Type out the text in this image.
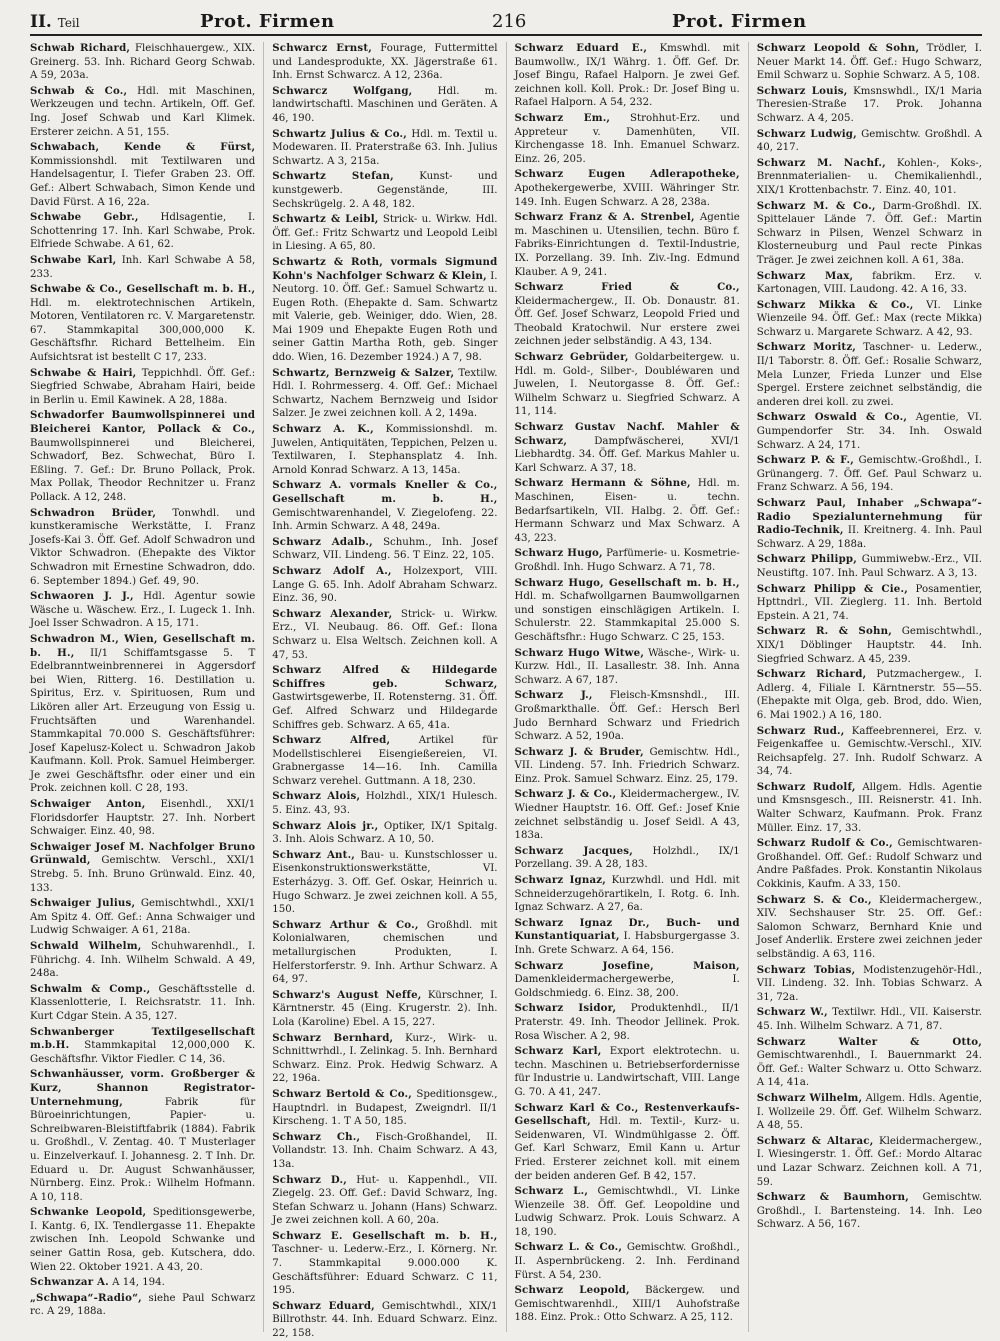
II. Teil	Prot. Firmen	216	Prot. Firmen
Schwab Richard, Fleischhauergew., XIX. Greinerg. 53. Inh. Richard Georg Schwab. A 59, 203a.
Schwab & Co., Hdl. mit Maschinen, Werkzeugen und techn. Artikeln, Off. Gef. Ing. Josef Schwab und Karl Klimek. Ersterer zeichn. A 51, 155.
Schwabach, Kende & Fürst, Kommissionshdl. mit Textilwaren und Handelsagentur, I. Tiefer Graben 23. Off. Gef.: Albert Schwabach, Simon Kende und David Fürst. A 16, 22a.
Schwabe Gebr., Hdlsagentie, I. Schottenring 17. Inh. Karl Schwabe, Prok. Elfriede Schwabe. A 61, 62.
Schwabe Karl, Inh. Karl Schwabe A 58, 233.
Schwabe & Co., Gesellschaft m. b. H., Hdl. m. elektrotechnischen Artikeln, Motoren, Ventilatoren rc. V. Margaretenstr. 67. Stammkapital 300,000,000 K. Geschäftsfhr. Richard Bettelheim. Ein Aufsichtsrat ist bestellt C 17, 233.
Schwabe & Hairi, Teppichhdl. Öff. Gef.: Siegfried Schwabe, Abraham Hairi, beide in Berlin u. Emil Kawinek. A 28, 188a.
Schwadorfer Baumwollspinnerei und Bleicherei Kantor, Pollack & Co., Baumwollspinnerei und Bleicherei, Schwadorf, Bez. Schwechat, Büro I. Eßling. 7. Gef.: Dr. Bruno Pollack, Prok. Max Pollak, Theodor Rechnitzer u. Franz Pollack. A 12, 248.
Schwadron Brüder, Tonwhdl. und kunstkeramische Werkstätte, I. Franz Josefs-Kai 3. Öff. Gef. Adolf Schwadron und Viktor Schwadron. (Ehepakte des Viktor Schwadron mit Ernestine Schwadron, ddo. 6. September 1894.) Gef. 49, 90.
Schwaoren J. J., Hdl. Agentur sowie Wäsche u. Wäschew. Erz., I. Lugeck 1. Inh. Joel Isser Schwadron. A 15, 171.
Schwadron M., Wien, Gesellschaft m. b. H., II/1 Schiffamtsgasse 5. T Edelbranntweinbrennerei in Aggersdorf bei Wien, Ritterg. 16. Destillation u. Spiritus, Erz. v. Spirituosen, Rum und Likören aller Art. Erzeugung von Essig u. Fruchtsäften und Warenhandel. Stammkapital 70.000 S. Geschäftsführer: Josef Kapelusz-Kolect u. Schwadron Jakob Kaufmann. Koll. Prok. Samuel Heimberger. Je zwei Geschäftsfhr. oder einer und ein Prok. zeichnen koll. C 28, 193.
Schwaiger Anton, Eisenhdl., XXI/1 Floridsdorfer Hauptstr. 27. Inh. Norbert Schwaiger. Einz. 40, 98.
Schwaiger Josef M. Nachfolger Bruno Grünwald, Gemischtw. Verschl., XXI/1 Strebg. 5. Inh. Bruno Grünwald. Einz. 40, 133.
Schwaiger Julius, Gemischtwhdl., XXI/1 Am Spitz 4. Off. Gef.: Anna Schwaiger und Ludwig Schwaiger. A 61, 218a.
Schwald Wilhelm, Schuhwarenhdl., I. Führichg. 4. Inh. Wilhelm Schwald. A 49, 248a.
Schwalm & Comp., Geschäftsstelle d. Klassenlotterie, I. Reichsratstr. 11. Inh. Kurt Cdgar Stein. A 35, 127.
Schwanberger Textilgesellschaft m.b.H. Stammkapital 12,000,000 K. Geschäftsfhr. Viktor Fiedler. C 14, 36.
Schwanhäusser, vorm. Großberger & Kurz, Shannon Registrator-Unternehmung,	Fabrik für Büroeinrichtungen, Papier- u. Schreibwaren-Bleistiftfabrik (1884). Fabrik u. Großhdl., V. Zentag. 40. T Musterlager u. Einzelverkauf. I. Johannesg. 2. T Inh. Dr. Eduard u. Dr. August Schwanhäusser, Nürnberg. Einz. Prok.: Wilhelm Hofmann. A 10, 118.
Schwanke Leopold, Speditionsgewerbe, I. Kantg. 6, IX. Tendlergasse 11. Ehepakte zwischen Inh. Leopold Schwanke und seiner Gattin Rosa, geb. Kutschera, ddo. Wien 22. Oktober 1921. A 43, 20.
Schwanzar A. A 14, 194.
„Schwapa“-Radio“, siehe Paul Schwarz rc. A 29, 188a.
Schwarcz Ernst, Fourage, Futtermittel und Landesprodukte, XX. Jägerstraße 61. Inh. Ernst Schwarcz. A 12, 236a.
Schwarcz Wolfgang, Hdl. m. landwirtschaftl. Maschinen und Geräten. A 46, 190.
Schwartz Julius & Co., Hdl. m. Textil u. Modewaren. II. Praterstraße 63. Inh. Julius Schwartz. A 3, 215a.
Schwartz Stefan, Kunst- und kunstgewerb. Gegenstände, III. Sechskrügelg. 2. A 48, 182.
Schwartz & Leibl, Strick- u. Wirkw. Hdl. Öff. Gef.: Fritz Schwartz und Leopold Leibl in Liesing. A 65, 80.
Schwartz & Roth, vormals Sigmund Kohn's Nachfolger Schwarz & Klein, I. Neutorg. 10. Öff. Gef.: Samuel Schwartz u. Eugen Roth. (Ehepakte d. Sam. Schwartz mit Valerie, geb. Weiniger, ddo. Wien, 28. Mai 1909 und Ehepakte Eugen Roth und seiner Gattin Martha Roth, geb. Singer ddo. Wien, 16. Dezember 1924.) A 7, 98.
Schwartz, Bernzweig & Salzer, Textilw. Hdl. I. Rohrmesserg. 4. Off. Gef.: Michael Schwartz, Nachem Bernzweig und Isidor Salzer. Je zwei zeichnen koll. A 2, 149a.
Schwarz A. K., Kommissionshdl. m. Juwelen, Antiquitäten, Teppichen, Pelzen u. Textilwaren, I. Stephansplatz 4. Inh. Arnold Konrad Schwarz. A 13, 145a.
Schwarz A. vormals Kneller & Co., Gesellschaft m. b. H., Gemischtwarenhandel, V. Ziegelofeng. 22. Inh. Armin Schwarz. A 48, 249a.
Schwarz Adalb., Schuhm., Inh. Josef Schwarz, VII. Lindeng. 56. T Einz. 22, 105.
Schwarz Adolf A., Holzexport, VIII. Lange G. 65. Inh. Adolf Abraham Schwarz. Einz. 36, 90.
Schwarz Alexander, Strick- u. Wirkw. Erz., VI. Neubaug. 86. Off. Gef.: Ilona Schwarz u. Elsa Weltsch. Zeichnen koll. A 47, 53.
Schwarz Alfred & Hildegarde Schiffres geb. Schwarz, Gastwirtsgewerbe, II. Rotensterng. 31. Öff. Gef. Alfred Schwarz und Hildegarde Schiffres geb. Schwarz. A 65, 41a.
Schwarz Alfred,	Artikel für Modellstischlerei Eisengießereien, VI. Grabnergasse 14—16. Inh. Camilla Schwarz verehel. Guttmann. A 18, 230.
Schwarz Alois, Holzhdl., XIX/1 Hulesch. 5. Einz. 43, 93.
Schwarz Alois jr., Optiker, IX/1 Spitalg. 3. Inh. Alois Schwarz. A 10, 50.
Schwarz Ant., Bau- u. Kunstschlosser u. Eisenkonstruktionswerkstätte, VI. Esterházyg. 3. Off. Gef. Oskar, Heinrich u. Hugo Schwarz. Je zwei zeichnen koll. A 55, 150.
Schwarz Arthur & Co., Großhdl. mit Kolonialwaren, chemischen und metallurgischen Produkten, I. Helferstorferstr. 9. Inh. Arthur Schwarz. A 64, 97.
Schwarz's August Neffe, Kürschner, I. Kärntnerstr. 45 (Eing. Krugerstr. 2). Inh. Lola (Karoline) Ebel. A 15, 227.
Schwarz Bernhard, Kurz-, Wirk- u. Schnittwrhdl., I. Zelinkag. 5. Inh. Bernhard Schwarz. Einz. Prok. Hedwig Schwarz. A 22, 196a.
Schwarz Bertold & Co., Speditionsgew., Hauptndrl. in Budapest, Zweigndrl. II/1 Kirscheng. 1. T A 50, 185.
Schwarz Ch., Fisch-Großhandel, II. Vollandstr. 13. Inh. Chaim Schwarz. A 43, 13a.
Schwarz D., Hut- u. Kappenhdl., VII. Ziegelg. 23. Off. Gef.: David Schwarz, Ing. Stefan Schwarz u. Johann (Hans) Schwarz. Je zwei zeichnen koll. A 60, 20a.
Schwarz E. Gesellschaft m. b. H., Taschner- u. Lederw.-Erz., I. Körnerg. Nr. 7. Stammkapital 9.000.000 K. Geschäftsführer: Eduard Schwarz. C 11, 195.
Schwarz Eduard, Gemischtwhdl., XIX/1 Billrothstr. 44. Inh. Eduard Schwarz. Einz. 22, 158.
Schwarz Eduard E., Kmswhdl. mit Baumwollw., IX/1 Währg. 1. Öff. Gef. Dr. Josef Bingu, Rafael Halporn. Je zwei Gef. zeichnen koll. Koll. Prok.: Dr. Josef Bing u. Rafael Halporn. A 54, 232.
Schwarz Em., Strohhut-Erz. und Appreteur v. Damenhüten, VII. Kirchengasse 18. Inh. Emanuel Schwarz. Einz. 26, 205.
Schwarz Eugen Adlerapotheke, Apothekergewerbe, XVIII. Währinger Str. 149. Inh. Eugen Schwarz. A 28, 238a.
Schwarz Franz & A. Strenbel, Agentie m. Maschinen u. Utensilien, techn. Büro f. Fabriks-Einrichtungen d. Textil-Industrie, IX. Porzellang. 39. Inh. Ziv.-Ing. Edmund Klauber. A 9, 241.
Schwarz Fried & Co., Kleidermachergew., II. Ob. Donaustr. 81. Öff. Gef. Josef Schwarz, Leopold Fried und Theobald Kratochwil. Nur erstere zwei zeichnen jeder selbständig. A 43, 134.
Schwarz Gebrüder, Goldarbeitergew. u. Hdl. m. Gold-, Silber-, Doubléwaren und Juwelen, I. Neutorgasse 8. Öff. Gef.: Wilhelm Schwarz u. Siegfried Schwarz. A 11, 114.
Schwarz Gustav Nachf. Mahler & Schwarz,	Dampfwäscherei, XVI/1 Liebhardtg. 34. Öff. Gef. Markus Mahler u. Karl Schwarz. A 37, 18.
Schwarz Hermann & Söhne, Hdl. m. Maschinen, Eisen- u. techn. Bedarfsartikeln, VII. Halbg. 2. Öff. Gef.: Hermann Schwarz und Max Schwarz. A 43, 223.
Schwarz Hugo, Parfümerie- u. Kosmetrie-Großhdl. Inh. Hugo Schwarz. A 71, 78.
Schwarz Hugo, Gesellschaft m. b. H., Hdl. m. Schafwollgarnen Baumwollgarnen und sonstigen einschlägigen Artikeln. I. Schulerstr. 22. Stammkapital 25.000 S. Geschäftsfhr.: Hugo Schwarz. C 25, 153.
Schwarz Hugo Witwe, Wäsche-, Wirk- u. Kurzw. Hdl., II. Lasallestr. 38. Inh. Anna Schwarz. A 67, 187.
Schwarz J., Fleisch-Kmsnshdl., III. Großmarkthalle. Öff. Gef.: Hersch Berl Judo Bernhard Schwarz und Friedrich Schwarz. A 52, 190a.
Schwarz J. & Bruder, Gemischtw. Hdl., VII. Lindeng. 57. Inh. Friedrich Schwarz. Einz. Prok. Samuel Schwarz. Einz. 25, 179.
Schwarz J. & Co., Kleidermachergew., IV. Wiedner Hauptstr. 16. Off. Gef.: Josef Knie zeichnet selbständig u. Josef Seidl. A 43, 183a.
Schwarz Jacques, Holzhdl., IX/1 Porzellang. 39. A 28, 183.
Schwarz Ignaz, Kurzwhdl. und Hdl. mit Schneiderzugehörartikeln, I. Rotg. 6. Inh. Ignaz Schwarz. A 27, 6a.
Schwarz Ignaz Dr., Buch- und Kunstantiquariat, I. Habsburgergasse 3. Inh. Grete Schwarz. A 64, 156.
Schwarz Josefine, Maison, Damenkleidermachergewerbe, I. Goldschmiedg. 6. Einz. 38, 200.
Schwarz Isidor, Produktenhdl., II/1 Praterstr. 49. Inh. Theodor Jellinek. Prok. Rosa Wischer. A 2, 98.
Schwarz Karl, Export elektrotechn. u. techn. Maschinen u. Betriebserfordernisse für Industrie u. Landwirtschaft, VIII. Lange G. 70. A 41, 247.
Schwarz Karl & Co., Restenverkaufs-Gesellschaft, Hdl. m. Textil-, Kurz- u. Seidenwaren, VI. Windmühlgasse 2. Öff. Gef. Karl Schwarz, Emil Kann u. Artur Fried. Ersterer zeichnet koll. mit einem der beiden anderen Gef. B 42, 157.
Schwarz L., Gemischtwhdl., VI. Linke Wienzeile 38. Öff. Gef. Leopoldine und Ludwig Schwarz. Prok. Louis Schwarz. A 18, 190.
Schwarz L. & Co., Gemischtw. Großhdl., II. Aspernbrückeng. 2. Inh. Ferdinand Fürst. A 54, 230.
Schwarz Leopold, Bäckergew. und Gemischtwarenhdl., XIII/1 Auhofstraße 188. Einz. Prok.: Otto Schwarz. A 25, 112.
Schwarz Leopold & Sohn, Trödler, I. Neuer Markt 14. Öff. Gef.: Hugo Schwarz, Emil Schwarz u. Sophie Schwarz. A 5, 108.
Schwarz Louis, Kmsnswhdl., IX/1 Maria Theresien-Straße 17. Prok. Johanna Schwarz. A 4, 205.
Schwarz Ludwig, Gemischtw. Großhdl. A 40, 217.
Schwarz M. Nachf., Kohlen-, Koks-, Brennmaterialien- u. Chemikalienhdl., XIX/1 Krottenbachstr. 7. Einz. 40, 101.
Schwarz M. & Co., Darm-Großhdl. IX. Spittelauer Lände 7. Öff. Gef.: Martin Schwarz in Pilsen, Wenzel Schwarz in Klosterneuburg und Paul recte Pinkas Träger. Je zwei zeichnen koll. A 61, 38a.
Schwarz Max, fabrikm. Erz. v. Kartonagen, VIII. Laudong. 42. A 16, 33.
Schwarz Mikka & Co., VI. Linke Wienzeile 94. Öff. Gef.: Max (recte Mikka) Schwarz u. Margarete Schwarz. A 42, 93.
Schwarz Moritz, Taschner- u. Lederw., II/1 Taborstr. 8. Öff. Gef.: Rosalie Schwarz, Mela Lunzer, Frieda Lunzer und Else Spergel. Erstere zeichnet selbständig, die anderen drei koll. zu zwei.
Schwarz Oswald & Co., Agentie, VI. Gumpendorfer Str. 34. Inh. Oswald Schwarz. A 24, 171.
Schwarz P. & F., Gemischtw.-Großhdl., I. Grünangerg. 7. Öff. Gef. Paul Schwarz u. Franz Schwarz. A 56, 194.
Schwarz Paul, Inhaber „Schwapa“-Radio Spezialunternehmung für Radio-Technik, II. Kreitnerg. 4. Inh. Paul Schwarz. A 29, 188a.
Schwarz Philipp, Gummiwebw.-Erz., VII. Neustiftg. 107. Inh. Paul Schwarz. A 3, 13.
Schwarz Philipp & Cie., Posamentier, Hpttndrl., VII. Zieglerg. 11. Inh. Bertold Epstein. A 21, 74.
Schwarz R. & Sohn, Gemischtwhdl., XIX/1 Döblinger Hauptstr. 44. Inh. Siegfried Schwarz. A 45, 239.
Schwarz Richard, Putzmachergew., I. Adlerg. 4, Filiale I. Kärntnerstr. 55—55. (Ehepakte mit Olga, geb. Brod, ddo. Wien, 6. Mai 1902.) A 16, 180.
Schwarz Rud., Kaffeebrennerei, Erz. v. Feigenkaffee u. Gemischtw.-Verschl., XIV. Reichsapfelg. 27. Inh. Rudolf Schwarz. A 34, 74.
Schwarz Rudolf, Allgem. Hdls. Agentie und Kmsnsgesch., III. Reisnerstr. 41. Inh. Walter Schwarz, Kaufmann. Prok. Franz Müller. Einz. 17, 33.
Schwarz Rudolf & Co., Gemischtwaren-Großhandel. Off. Gef.: Rudolf Schwarz und Andre Paßfades. Prok. Konstantin Nikolaus Cokkinis, Kaufm. A 33, 150.
Schwarz S. & Co., Kleidermachergew., XIV. Sechshauser Str. 25. Off. Gef.: Salomon Schwarz, Bernhard Knie und Josef Anderlik. Erstere zwei zeichnen jeder selbständig. A 63, 116.
Schwarz Tobias, Modistenzugehör-Hdl., VII. Lindeng. 32. Inh. Tobias Schwarz. A 31, 72a.
Schwarz W., Textilwr. Hdl., VII. Kaiserstr. 45. Inh. Wilhelm Schwarz. A 71, 87.
Schwarz Walter & Otto, Gemischtwarenhdl., I. Bauernmarkt 24. Öff. Gef.: Walter Schwarz u. Otto Schwarz. A 14, 41a.
Schwarz Wilhelm, Allgem. Hdls. Agentie, I. Wollzeile 29. Öff. Gef. Wilhelm Schwarz. A 48, 55.
Schwarz & Altarac, Kleidermachergew., I. Wiesingerstr. 1. Öff. Gef.: Mordo Altarac und Lazar Schwarz. Zeichnen koll. A 71, 59.
Schwarz & Baumhorn, Gemischtw. Großhdl., I. Bartensteing. 14. Inh. Leo Schwarz. A 56, 167.
